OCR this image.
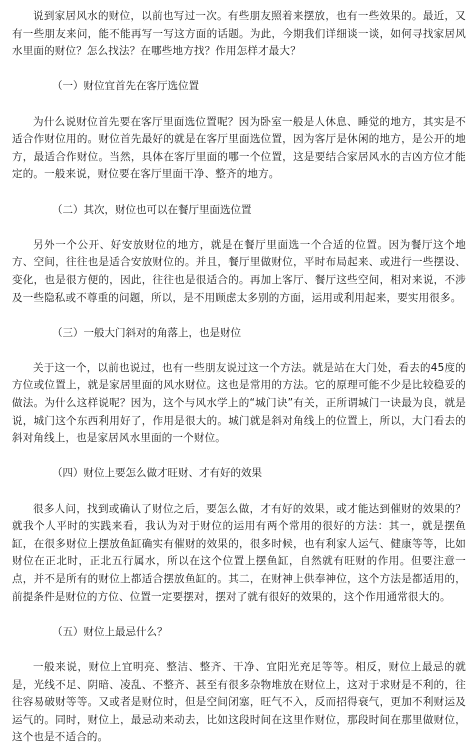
说到家居风水的财位，以前也写过一次。有些朋友照着来摆放，也有一些效果的。最近，又有一些朋友来问，能不能再写一写这方面的话题。为此，今期我们详细谈一谈，如何寻找家居风水里面的财位？怎么找法？在哪些地方找？作用怎样才最大？

（一）财位宜首先在客厅选位置

为什么说财位首先要在客厅里面选位置呢？因为卧室一般是人休息、睡觉的地方，其实是不适合作财位用的。财位首先最好的就是在客厅里面选位置，因为客厅是休闲的地方，是公开的地方，最适合作财位。当然，具体在客厅里面的哪一个位置，这是要结合家居风水的吉凶方位才能定的。一般来说，财位要在客厅里面干净、整齐的地方。

（二）其次，财位也可以在餐厅里面选位置

另外一个公开、好安放财位的地方，就是在餐厅里面选一个合适的位置。因为餐厅这个地方、空间，往往也是适合安放财位的。并且，餐厅里做财位，平时布局起来、或进行一些摆设、变化，也是很方便的，因此，往往也是很适合的。再加上客厅、餐厅这些空间，相对来说，不涉及一些隐私或不尊重的问题，所以，是不用顾虑太多别的方面，运用或利用起来，要实用很多。

（三）一般大门斜对的角落上，也是财位

关于这一个，以前也说过，也有一些朋友说过这一个方法。就是站在大门处，看去的45度的方位或位置上，就是家居里面的风水财位。这也是常用的方法。它的原理可能不少是比较稳妥的做法。为什么这样说呢？因为，这个与风水学上的“城门诀”有关，正所谓城门一诀最为良，就是说，城门这个东西利用好了，作用是很大的。城门就是斜对角线上的位置上，所以，大门看去的斜对角线上，也是家居风水里面的一个财位。

（四）财位上要怎么做才旺财、才有好的效果

很多人问，找到或确认了财位之后，要怎么做，才有好的效果，或才能达到催财的效果的？就我个人平时的实践来看，我认为对于财位的运用有两个常用的很好的方法：其一，就是摆鱼缸，在很多财位上摆放鱼缸确实有催财的效果的，很多时候，也有利家人运气、健康等等，比如财位在正北时，正北五行属水，所以在这个位置上摆鱼缸，自然就有旺财的作用。但要注意一点，并不是所有的财位上都适合摆放鱼缸的。其二，在财神上供奉神位，这个方法是都适用的，前提条件是财位的方位、位置一定要摆对，摆对了就有很好的效果的，这个作用通常很大的。

（五）财位上最忌什么？

一般来说，财位上宜明亮、整洁、整齐、干净、宜阳光充足等等。相反，财位上最忌的就是，光线不足、阴暗、凌乱、不整齐、甚至有很多杂物堆放在财位上，这对于求财是不利的，往往容易破财等等。又或者是财位时，但是空间闭塞，旺气不入，反而招得衰气，更加不利财运及运气的。同时，财位上，最忌动来动去，比如这段时间在这里作财位，那段时间在那里做财位，这个也是不适合的。
